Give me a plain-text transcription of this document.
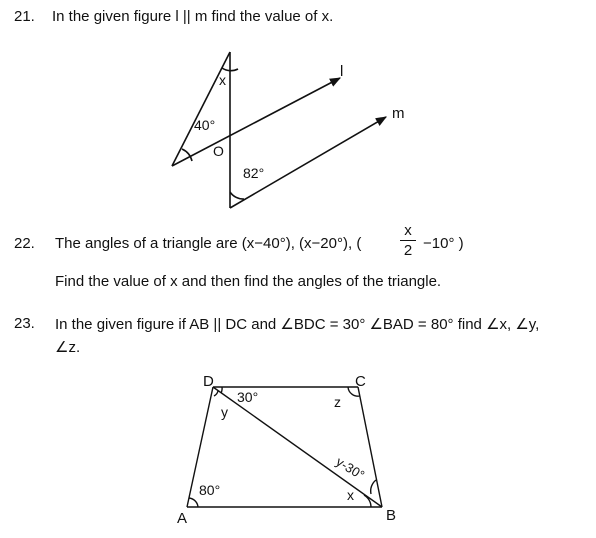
21. In the given figure l || m find the value of x.
x
40°
O
82°
l
m
D	C
A	B
30°
y
z
80°
y-30°
x
22. The angles of a triangle are (x−40°), (x−20°), (
x
2 −10° )
Find the value of x and then find the angles of the triangle.
23. In the given figure if AB || DC and ∠BDC = 30° ∠BAD = 80° find ∠x, ∠y,
∠z.
